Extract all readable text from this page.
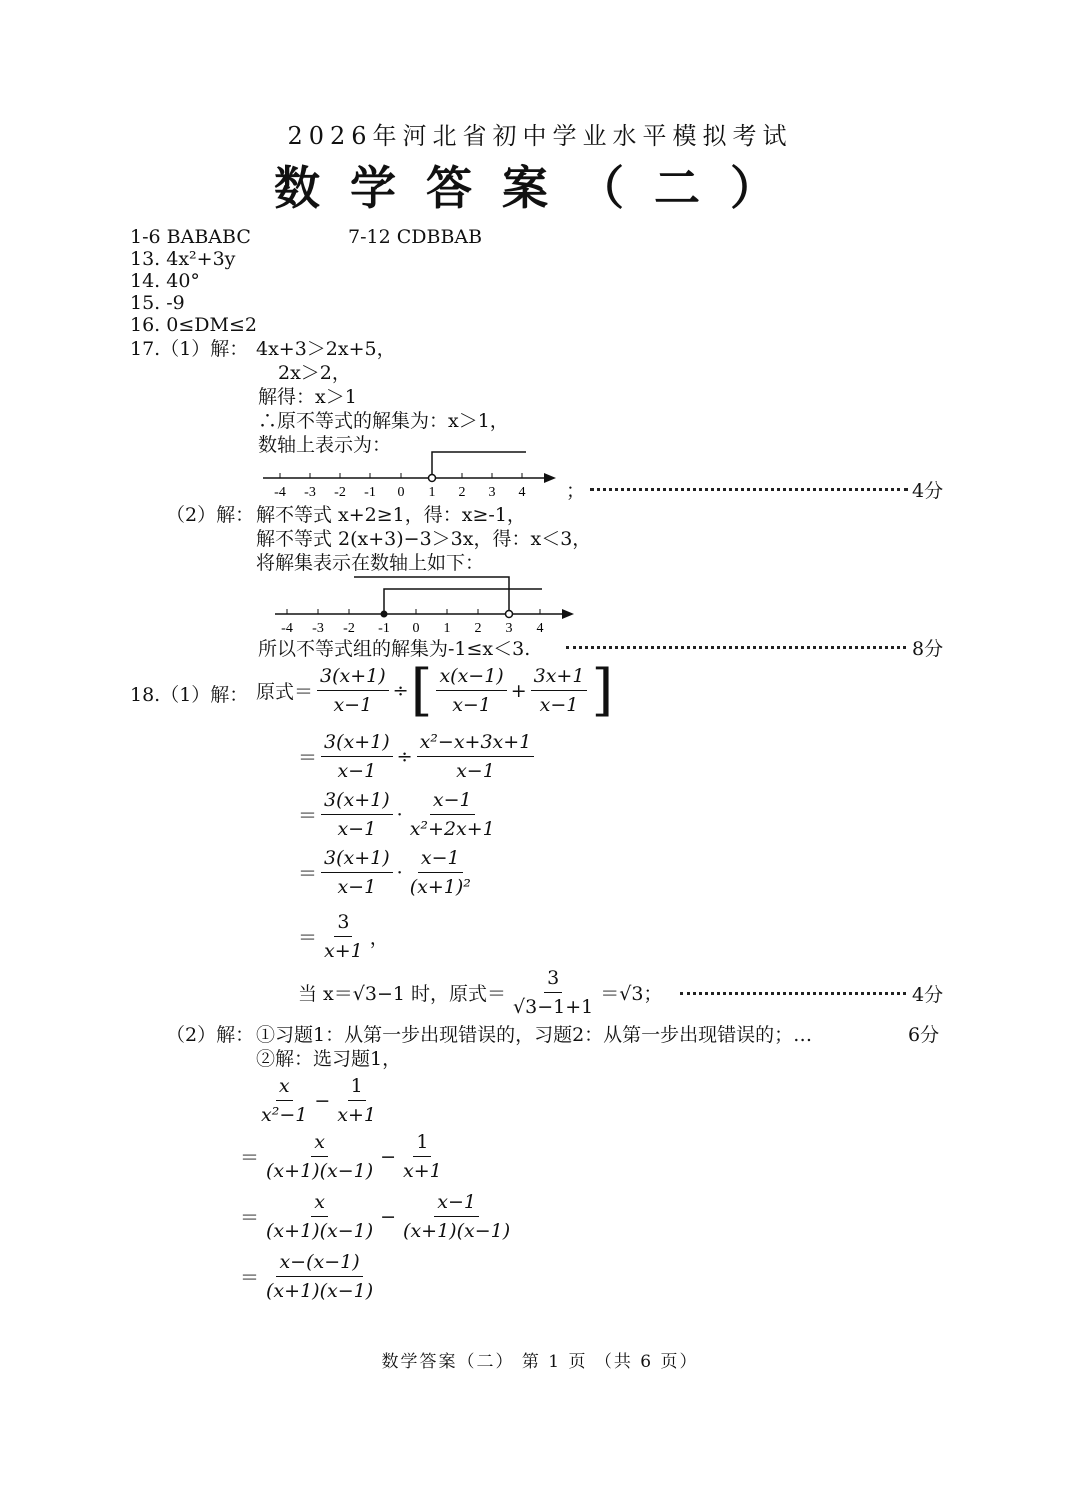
2026年河北省初中学业水平模拟考试
数学答案（二）
1-6 BABABC	7-12 CDBBAB
13. 4x²+3y
14. 40°
15. -9
16. 0≤DM≤2
17.（1）解： 4x+3＞2x+5，
2x＞2，
解得：x＞1
∴原不等式的解集为：x＞1，
数轴上表示为：
-4 -3 -2 -1 0 1 2 3 4 ；	4分
（2）解： 解不等式 x+2≥1，得：x≥-1，
解不等式 2(x+3)−3＞3x，得：x＜3，
将解集表示在数轴上如下：
-4 -3 -2 -1 0 1 2 3 4
所以不等式组的解集为-1≤x＜3.	8分
18.（1）解： 原式＝ $\frac{3(x+1)}{x-1}$ ÷ [ $\frac{x(x-1)}{x-1} + \frac{3x+1}{x-1}$ ]
＝ $\frac{3(x+1)}{x-1} \div \frac{\text{x²−x+3x+1}}{x-1}$
＝ $\frac{3(x+1)}{x-1} \cdot \frac{x-1}{\text{x²+2x+1}}$
＝ $\frac{3(x+1)}{x-1} \cdot \frac{x-1}{\text{(x+1)²}}$
＝ $\frac{3}{x+1}$ ，
当 x＝√3−1 时，原式＝ $\frac{3}{√3-1+1} =√3$；	4分
（2）解： ①习题1：从第一步出现错误的，习题2：从第一步出现错误的；…	6分
②解：选习题1，
$\frac{x}{\text{x²−1}} - \frac{1}{x+1}$
＝ $\frac{x}{(x+1)(x-1)} - \frac{1}{x+1}$
＝ $\frac{x}{(x+1)(x-1)} - \frac{x-1}{(x+1)(x-1)}$
＝ $\frac{x-(x-1)}{(x+1)(x-1)}$
数学答案（二） 第 1 页 （共 6 页）
